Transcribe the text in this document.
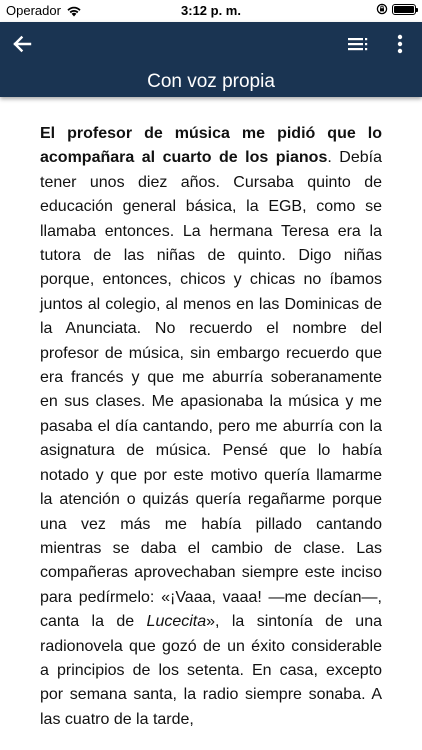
Operador	3:12 p. m.
Con voz propia
El profesor de música me pidió que lo acompañara al cuarto de los pianos. Debía tener unos diez años. Cursaba quinto de educación general básica, la EGB, como se llamaba entonces. La hermana Teresa era la tutora de las niñas de quinto. Digo niñas porque, entonces, chicos y chicas no íbamos juntos al colegio, al menos en las Dominicas de la Anunciata. No recuerdo el nombre del profesor de música, sin embargo recuerdo que era francés y que me aburría soberanamente en sus clases. Me apasionaba la música y me pasaba el día cantando, pero me aburría con la asignatura de música. Pensé que lo había notado y que por este motivo quería llamarme la atención o quizás quería regañarme porque una vez más me había pillado cantando mientras se daba el cambio de clase. Las compañeras aprovechaban siempre este inciso para pedírmelo: «¡Vaaa, vaaa! —me decían—, canta la de Lucecita», la sintonía de una radionovela que gozó de un éxito considerable a principios de los setenta. En casa, excepto por semana santa, la radio siempre sonaba. A las cuatro de la tarde,
